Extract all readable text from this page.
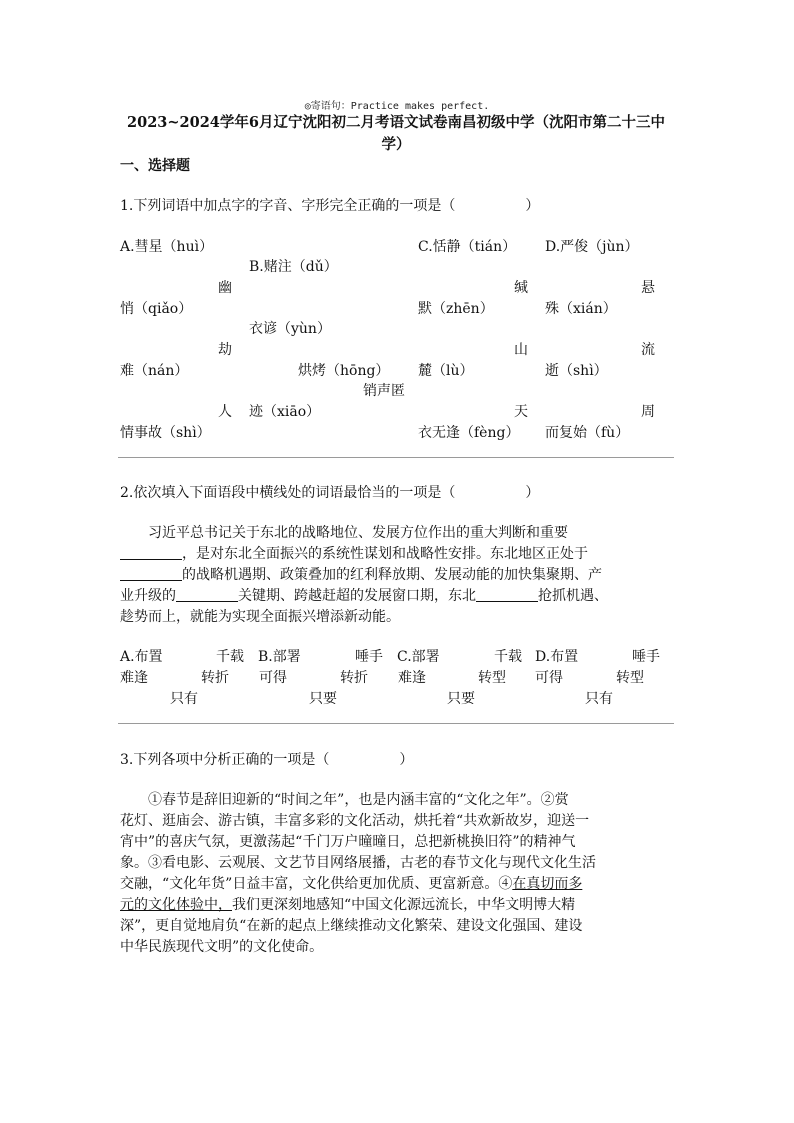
◎寄语句：Practice makes perfect.
2023~2024学年6月辽宁沈阳初二月考语文试卷南昌初级中学（沈阳市第二十三中学）
一、选择题
1.下列词语中加点字的字音、字形完全正确的一项是（　　　　　）
A.彗星（huì）
幽
悄（qiǎo）
劫
难（nán）
人
情事故（shì）
B.赌注（dǔ）
衣谚（yùn）
烘烤（hōng）
销声匿
迹（xiāo）
C.恬静（tián）
缄
默（zhēn）
山
麓（lù）
天
衣无逢（fèng）
D.严俊（jùn）
悬
殊（xián）
流
逝（shì）
周
而复始（fù）
2.依次填入下面语段中横线处的词语最恰当的一项是（　　　　　）
习近平总书记关于东北的战略地位、发展方位作出的重大判断和重要
，是对东北全面振兴的系统性谋划和战略性安排。东北地区正处于
的战略机遇期、政策叠加的红利释放期、发展动能的加快集聚期、产
业升级的	关键期、跨越赶超的发展窗口期，东北	抢抓机遇、
趁势而上，就能为实现全面振兴增添新动能。
A.布置	千载
难逢	转折
只有
B.部署	唾手
可得	转折
只要
C.部署	千载
难逢	转型
只要
D.布置	唾手
可得	转型
只有
3.下列各项中分析正确的一项是（　　　　　）
①春节是辞旧迎新的“时间之年”，也是内涵丰富的“文化之年”。②赏
花灯、逛庙会、游古镇，丰富多彩的文化活动，烘托着“共欢新故岁，迎送一
宵中”的喜庆气氛，更激荡起“千门万户曈曈日，总把新桃换旧符”的精神气
象。③看电影、云观展、文艺节目网络展播，古老的春节文化与现代文化生活
交融，“文化年货”日益丰富，文化供给更加优质、更富新意。④在真切而多
元的文化体验中，我们更深刻地感知“中国文化源远流长，中华文明博大精
深”，更自觉地肩负“在新的起点上继续推动文化繁荣、建设文化强国、建设
中华民族现代文明”的文化使命。
